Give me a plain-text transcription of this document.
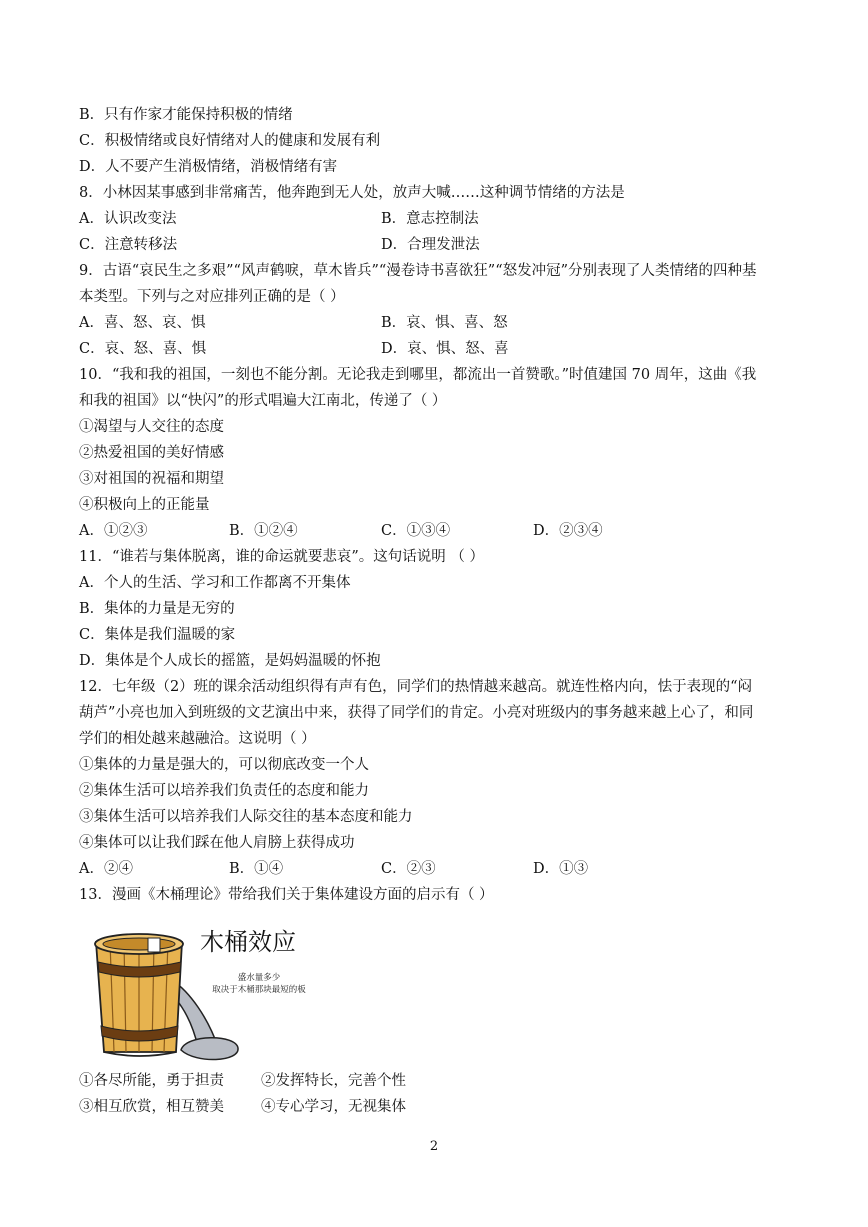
B．只有作家才能保持积极的情绪
C．积极情绪或良好情绪对人的健康和发展有利
D．人不要产生消极情绪，消极情绪有害
8．小林因某事感到非常痛苦，他奔跑到无人处，放声大喊……这种调节情绪的方法是
A．认识改变法	B．意志控制法
C．注意转移法	D．合理发泄法
9．古语“哀民生之多艰”“风声鹤唳，草木皆兵”“漫卷诗书喜欲狂”“怒发冲冠”分别表现了人类情绪的四种基
本类型。下列与之对应排列正确的是（ ）
A．喜、怒、哀、惧	B．哀、惧、喜、怒
C．哀、怒、喜、惧	D．哀、惧、怒、喜
10．“我和我的祖国，一刻也不能分割。无论我走到哪里，都流出一首赞歌。”时值建国 70 周年，这曲《我
和我的祖国》以“快闪”的形式唱遍大江南北，传递了（ ）
①渴望与人交往的态度
②热爱祖国的美好情感
③对祖国的祝福和期望
④积极向上的正能量
A．①②③	B．①②④	C．①③④	D．②③④
11．“谁若与集体脱离，谁的命运就要悲哀”。这句话说明 （ ）
A．个人的生活、学习和工作都离不开集体
B．集体的力量是无穷的
C．集体是我们温暖的家
D．集体是个人成长的摇篮，是妈妈温暖的怀抱
12．七年级（2）班的课余活动组织得有声有色，同学们的热情越来越高。就连性格内向，怯于表现的“闷
葫芦”小亮也加入到班级的文艺演出中来，获得了同学们的肯定。小亮对班级内的事务越来越上心了，和同
学们的相处越来越融洽。这说明（ ）
①集体的力量是强大的，可以彻底改变一个人
②集体生活可以培养我们负责任的态度和能力
③集体生活可以培养我们人际交往的基本态度和能力
④集体可以让我们踩在他人肩膀上获得成功
A．②④	B．①④	C．②③	D．①③
13．漫画《木桶理论》带给我们关于集体建设方面的启示有（ ）
木桶效应
盛水量多少
取决于木桶那块最短的板
①各尽所能，勇于担责	②发挥特长，完善个性
③相互欣赏，相互赞美	④专心学习，无视集体
2
